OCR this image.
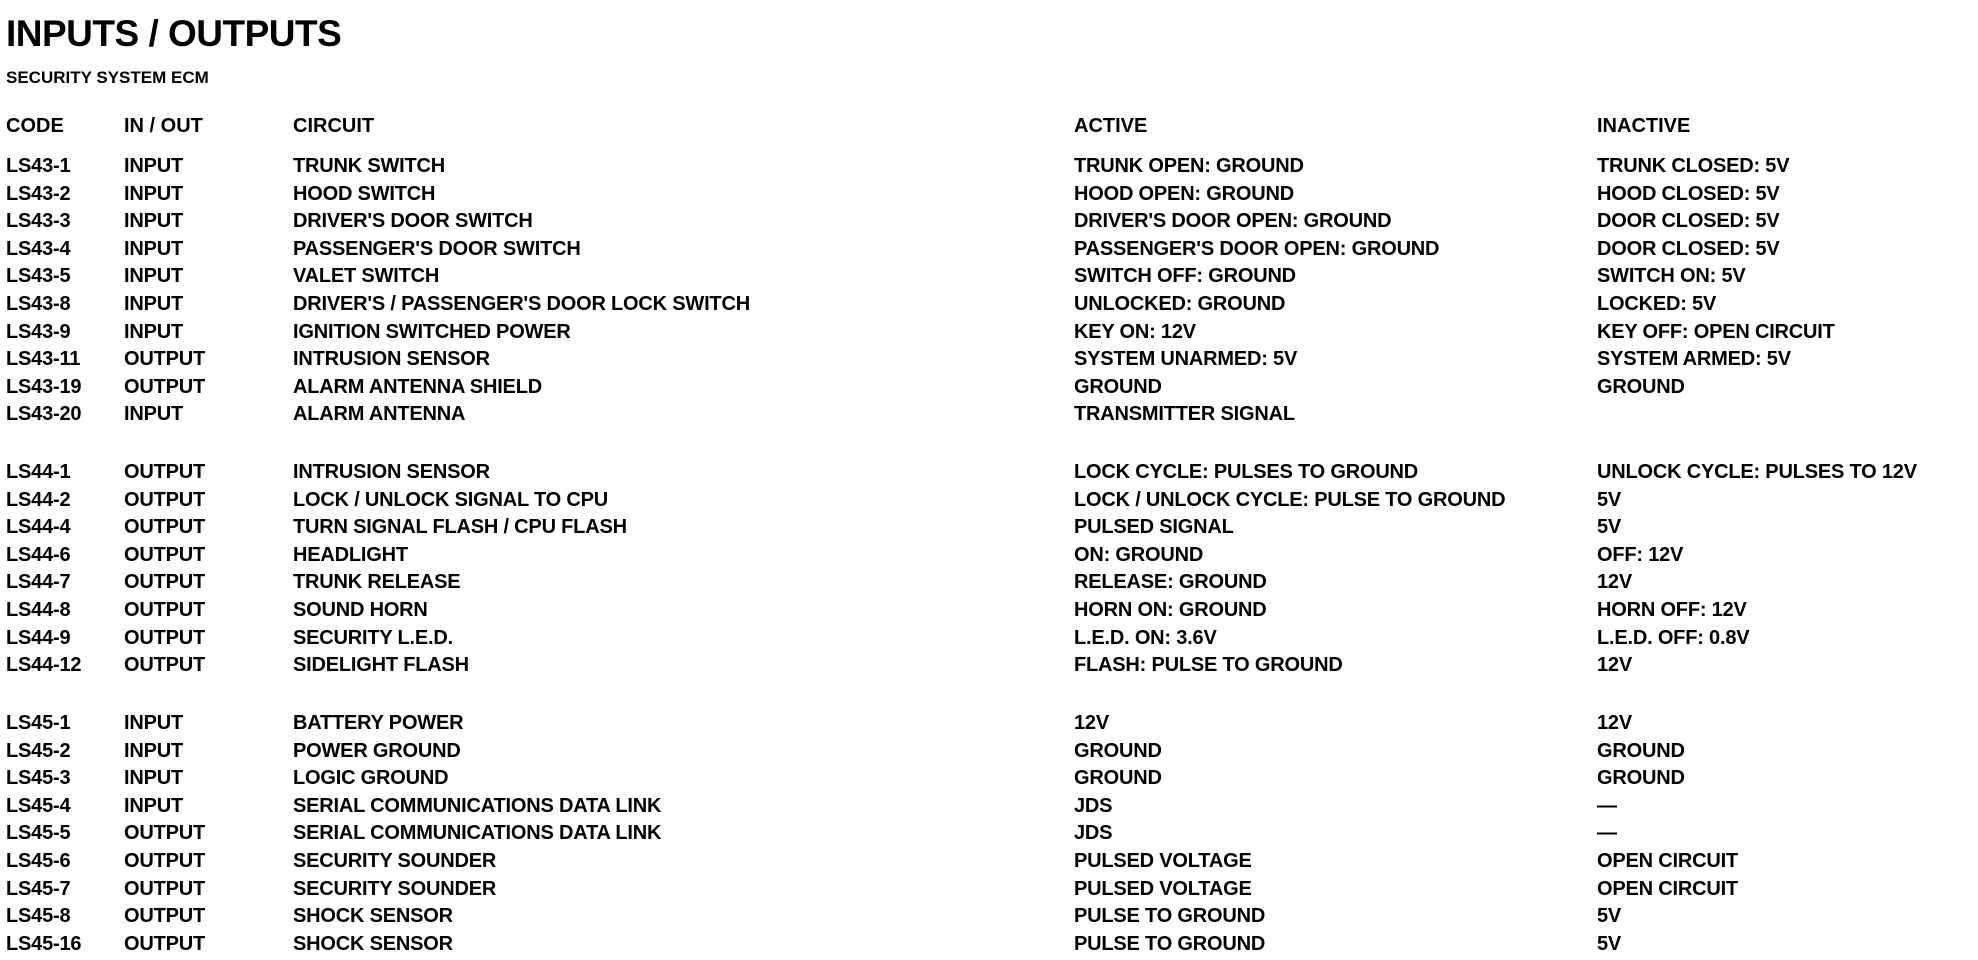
INPUTS / OUTPUTS
SECURITY SYSTEM ECM
CODE	IN / OUT	CIRCUIT	ACTIVE	INACTIVE
LS43-1	INPUT	TRUNK SWITCH	TRUNK OPEN: GROUND	TRUNK CLOSED: 5V
LS43-2	INPUT	HOOD SWITCH	HOOD OPEN: GROUND	HOOD CLOSED: 5V
LS43-3	INPUT	DRIVER'S DOOR SWITCH	DRIVER'S DOOR OPEN: GROUND	DOOR CLOSED: 5V
LS43-4	INPUT	PASSENGER'S DOOR SWITCH	PASSENGER'S DOOR OPEN: GROUND	DOOR CLOSED: 5V
LS43-5	INPUT	VALET SWITCH	SWITCH OFF: GROUND	SWITCH ON: 5V
LS43-8	INPUT	DRIVER'S / PASSENGER'S DOOR LOCK SWITCH	UNLOCKED: GROUND	LOCKED: 5V
LS43-9	INPUT	IGNITION SWITCHED POWER	KEY ON: 12V	KEY OFF: OPEN CIRCUIT
LS43-11 OUTPUT	INTRUSION SENSOR	SYSTEM UNARMED: 5V	SYSTEM ARMED: 5V
LS43-19 OUTPUT	ALARM ANTENNA SHIELD	GROUND	GROUND
LS43-20 INPUT	ALARM ANTENNA	TRANSMITTER SIGNAL
LS44-1	OUTPUT	INTRUSION SENSOR	LOCK CYCLE: PULSES TO GROUND	UNLOCK CYCLE: PULSES TO 12V
LS44-2	OUTPUT	LOCK / UNLOCK SIGNAL TO CPU	LOCK / UNLOCK CYCLE: PULSE TO GROUND	5V
LS44-4	OUTPUT	TURN SIGNAL FLASH / CPU FLASH	PULSED SIGNAL	5V
LS44-6	OUTPUT	HEADLIGHT	ON: GROUND	OFF: 12V
LS44-7	OUTPUT	TRUNK RELEASE	RELEASE: GROUND	12V
LS44-8	OUTPUT	SOUND HORN	HORN ON: GROUND	HORN OFF: 12V
LS44-9	OUTPUT	SECURITY L.E.D.	L.E.D. ON: 3.6V	L.E.D. OFF: 0.8V
LS44-12 OUTPUT	SIDELIGHT FLASH	FLASH: PULSE TO GROUND	12V
LS45-1	INPUT	BATTERY POWER	12V	12V
LS45-2	INPUT	POWER GROUND	GROUND	GROUND
LS45-3	INPUT	LOGIC GROUND	GROUND	GROUND
LS45-4	INPUT	SERIAL COMMUNICATIONS DATA LINK	JDS	—
LS45-5	OUTPUT	SERIAL COMMUNICATIONS DATA LINK	JDS	—
LS45-6	OUTPUT	SECURITY SOUNDER	PULSED VOLTAGE	OPEN CIRCUIT
LS45-7	OUTPUT	SECURITY SOUNDER	PULSED VOLTAGE	OPEN CIRCUIT
LS45-8	OUTPUT	SHOCK SENSOR	PULSE TO GROUND	5V
LS45-16 OUTPUT	SHOCK SENSOR	PULSE TO GROUND	5V
